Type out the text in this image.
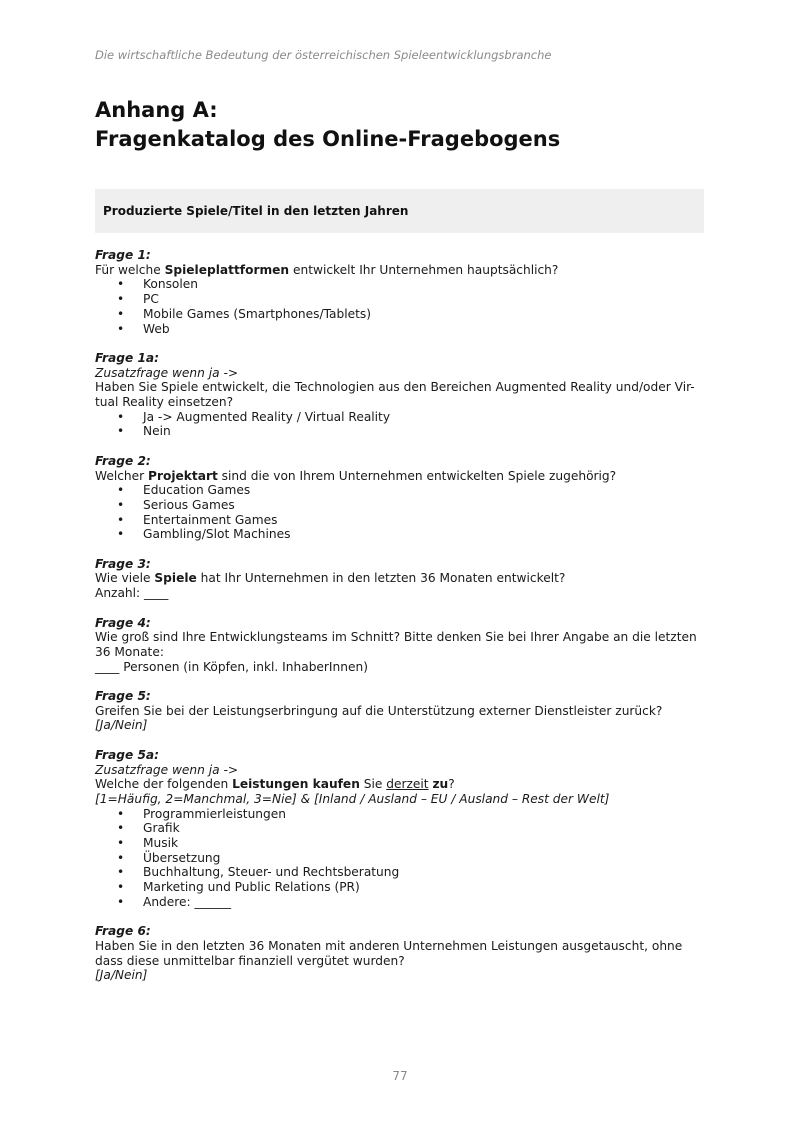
Die wirtschaftliche Bedeutung der österreichischen Spieleentwicklungsbranche
Anhang A:
Fragenkatalog des Online-Fragebogens
Produzierte Spiele/Titel in den letzten Jahren

Frage 1:

Für welche Spieleplattformen entwickelt Ihr Unternehmen hauptsächlich?

• Konsolen
• PC
• Mobile Games (Smartphones/Tablets)
• Web

Frage 1a:

Zusatzfrage wenn ja ->

Haben Sie Spiele entwickelt, die Technologien aus den Bereichen Augmented Reality und/oder Vir-

tual Reality einsetzen?

• Ja -> Augmented Reality / Virtual Reality
• Nein

Frage 2:

Welcher Projektart sind die von Ihrem Unternehmen entwickelten Spiele zugehörig?

• Education Games
• Serious Games
• Entertainment Games
• Gambling/Slot Machines

Frage 3:

Wie viele Spiele hat Ihr Unternehmen in den letzten 36 Monaten entwickelt?

Anzahl: ____

Frage 4:

Wie groß sind Ihre Entwicklungsteams im Schnitt? Bitte denken Sie bei Ihrer Angabe an die letzten

36 Monate:

____ Personen (in Köpfen, inkl. InhaberInnen)

Frage 5:

Greifen Sie bei der Leistungserbringung auf die Unterstützung externer Dienstleister zurück?

[Ja/Nein]

Frage 5a:

Zusatzfrage wenn ja ->

Welche der folgenden Leistungen kaufen Sie derzeit zu?

[1=Häufig, 2=Manchmal, 3=Nie] & [Inland / Ausland – EU / Ausland – Rest der Welt]

• Programmierleistungen
• Grafik
• Musik
• Übersetzung
• Buchhaltung, Steuer- und Rechtsberatung
• Marketing und Public Relations (PR)
• Andere: ______

Frage 6:

Haben Sie in den letzten 36 Monaten mit anderen Unternehmen Leistungen ausgetauscht, ohne

dass diese unmittelbar finanziell vergütet wurden?

[Ja/Nein]

77
